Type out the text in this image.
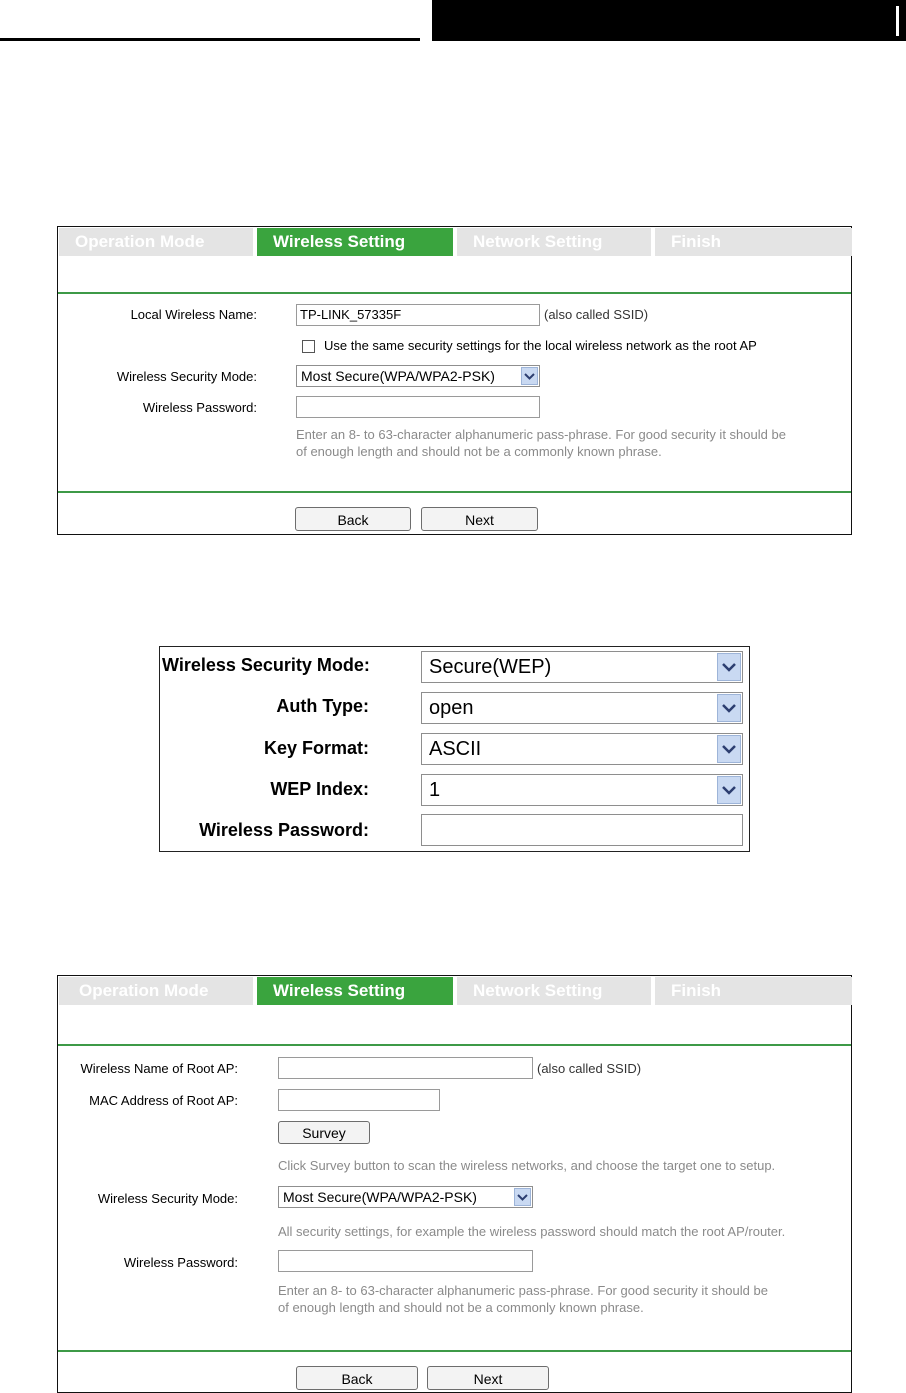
Operation Mode	Wireless Setting	Network Setting	Finish
Local Wireless Name:	TP-LINK_57335F	(also called SSID)
Use the same security settings for the local wireless network as the root AP
Wireless Security Mode:	Most Secure(WPA/WPA2-PSK)
Wireless Password:
Enter an 8- to 63-character alphanumeric pass-phrase. For good security it should be
of enough length and should not be a commonly known phrase.
Back	Next
Wireless Security Mode:	Secure(WEP)
Auth Type:	open
Key Format:	ASCII
WEP Index:	1
Wireless Password:
Operation Mode	Wireless Setting	Network Setting	Finish
Wireless Name of Root AP:	(also called SSID)
MAC Address of Root AP:
Survey
Click Survey button to scan the wireless networks, and choose the target one to setup.
Wireless Security Mode:	Most Secure(WPA/WPA2-PSK)
All security settings, for example the wireless password should match the root AP/router.
Wireless Password:
Enter an 8- to 63-character alphanumeric pass-phrase. For good security it should be
of enough length and should not be a commonly known phrase.
Back	Next
